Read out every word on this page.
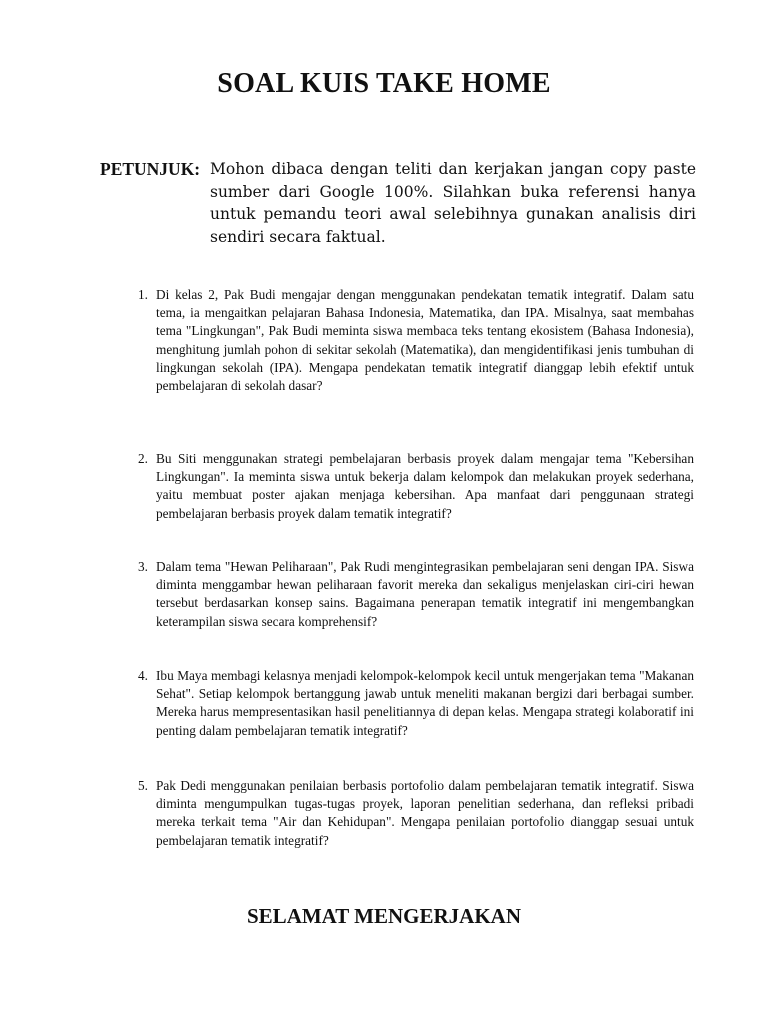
SOAL KUIS TAKE HOME
PETUNJUK: Mohon dibaca dengan teliti dan kerjakan jangan copy paste sumber dari Google 100%. Silahkan buka referensi hanya untuk pemandu teori awal selebihnya gunakan analisis diri sendiri secara faktual.
1. Di kelas 2, Pak Budi mengajar dengan menggunakan pendekatan tematik integratif. Dalam satu tema, ia mengaitkan pelajaran Bahasa Indonesia, Matematika, dan IPA. Misalnya, saat membahas tema "Lingkungan", Pak Budi meminta siswa membaca teks tentang ekosistem (Bahasa Indonesia), menghitung jumlah pohon di sekitar sekolah (Matematika), dan mengidentifikasi jenis tumbuhan di lingkungan sekolah (IPA). Mengapa pendekatan tematik integratif dianggap lebih efektif untuk pembelajaran di sekolah dasar?
2. Bu Siti menggunakan strategi pembelajaran berbasis proyek dalam mengajar tema "Kebersihan Lingkungan". Ia meminta siswa untuk bekerja dalam kelompok dan melakukan proyek sederhana, yaitu membuat poster ajakan menjaga kebersihan. Apa manfaat dari penggunaan strategi pembelajaran berbasis proyek dalam tematik integratif?
3. Dalam tema "Hewan Peliharaan", Pak Rudi mengintegrasikan pembelajaran seni dengan IPA. Siswa diminta menggambar hewan peliharaan favorit mereka dan sekaligus menjelaskan ciri-ciri hewan tersebut berdasarkan konsep sains. Bagaimana penerapan tematik integratif ini mengembangkan keterampilan siswa secara komprehensif?
4. Ibu Maya membagi kelasnya menjadi kelompok-kelompok kecil untuk mengerjakan tema "Makanan Sehat". Setiap kelompok bertanggung jawab untuk meneliti makanan bergizi dari berbagai sumber. Mereka harus mempresentasikan hasil penelitiannya di depan kelas. Mengapa strategi kolaboratif ini penting dalam pembelajaran tematik integratif?
5. Pak Dedi menggunakan penilaian berbasis portofolio dalam pembelajaran tematik integratif. Siswa diminta mengumpulkan tugas-tugas proyek, laporan penelitian sederhana, dan refleksi pribadi mereka terkait tema "Air dan Kehidupan". Mengapa penilaian portofolio dianggap sesuai untuk pembelajaran tematik integratif?
SELAMAT MENGERJAKAN
